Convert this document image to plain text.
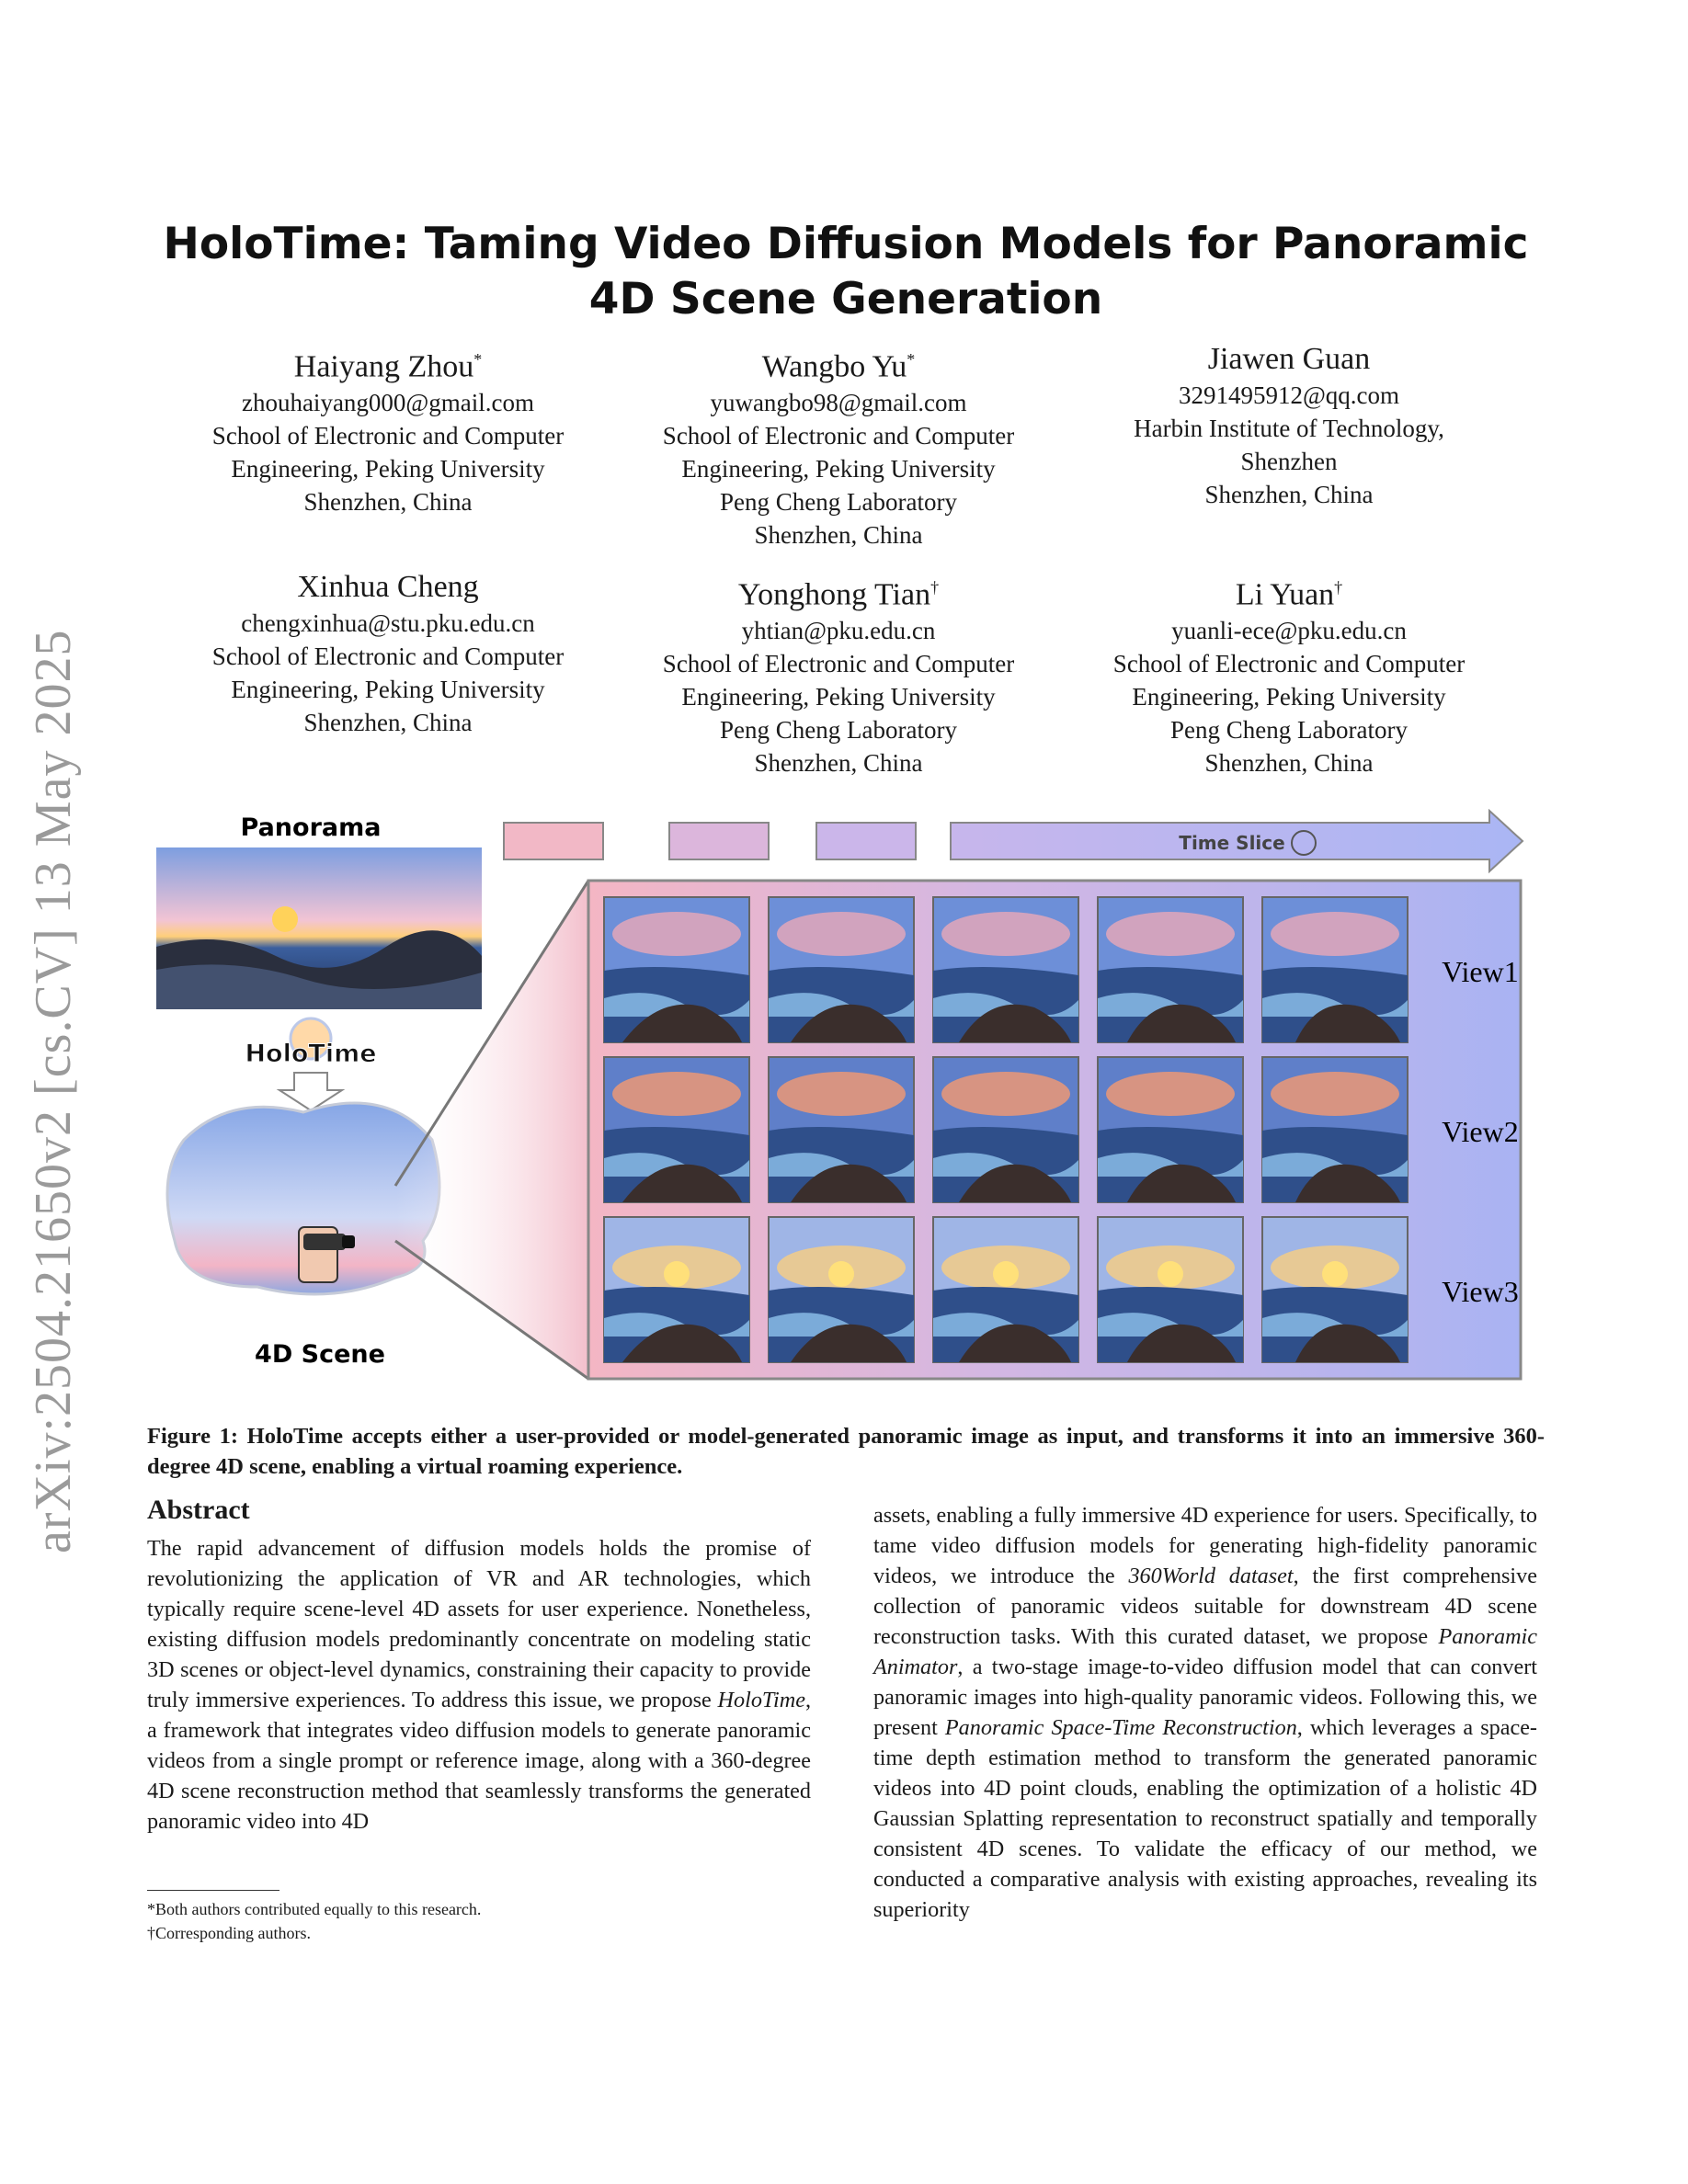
arXiv:2504.21650v2 [cs.CV] 13 May 2025
HoloTime: Taming Video Diffusion Models for Panoramic 4D Scene Generation
Haiyang Zhou*
zhouhaiyang000@gmail.com
School of Electronic and Computer
Engineering, Peking University
Shenzhen, China
Wangbo Yu*
yuwangbo98@gmail.com
School of Electronic and Computer
Engineering, Peking University
Peng Cheng Laboratory
Shenzhen, China
Jiawen Guan
3291495912@qq.com
Harbin Institute of Technology,
Shenzhen
Shenzhen, China
Xinhua Cheng
chengxinhua@stu.pku.edu.cn
School of Electronic and Computer
Engineering, Peking University
Shenzhen, China
Yonghong Tian†
yhtian@pku.edu.cn
School of Electronic and Computer
Engineering, Peking University
Peng Cheng Laboratory
Shenzhen, China
Li Yuan†
yuanli-ece@pku.edu.cn
School of Electronic and Computer
Engineering, Peking University
Peng Cheng Laboratory
Shenzhen, China
Panorama
HoloTime
4D Scene
Time Slice
View1
View2
View3
Figure 1: HoloTime accepts either a user-provided or model-generated panoramic image as input, and transforms it into an immersive 360-degree 4D scene, enabling a virtual roaming experience.
Abstract
The rapid advancement of diffusion models holds the promise of revolutionizing the application of VR and AR technologies, which typically require scene-level 4D assets for user experience. Nonetheless, existing diffusion models predominantly concentrate on modeling static 3D scenes or object-level dynamics, constraining their capacity to provide truly immersive experiences. To address this issue, we propose HoloTime, a framework that integrates video diffusion models to generate panoramic videos from a single prompt or reference image, along with a 360-degree 4D scene reconstruction method that seamlessly transforms the generated panoramic video into 4D
assets, enabling a fully immersive 4D experience for users. Specifically, to tame video diffusion models for generating high-fidelity panoramic videos, we introduce the 360World dataset, the first comprehensive collection of panoramic videos suitable for downstream 4D scene reconstruction tasks. With this curated dataset, we propose Panoramic Animator, a two-stage image-to-video diffusion model that can convert panoramic images into high-quality panoramic videos. Following this, we present Panoramic Space-Time Reconstruction, which leverages a space-time depth estimation method to transform the generated panoramic videos into 4D point clouds, enabling the optimization of a holistic 4D Gaussian Splatting representation to reconstruct spatially and temporally consistent 4D scenes. To validate the efficacy of our method, we conducted a comparative analysis with existing approaches, revealing its superiority
*Both authors contributed equally to this research.
†Corresponding authors.
